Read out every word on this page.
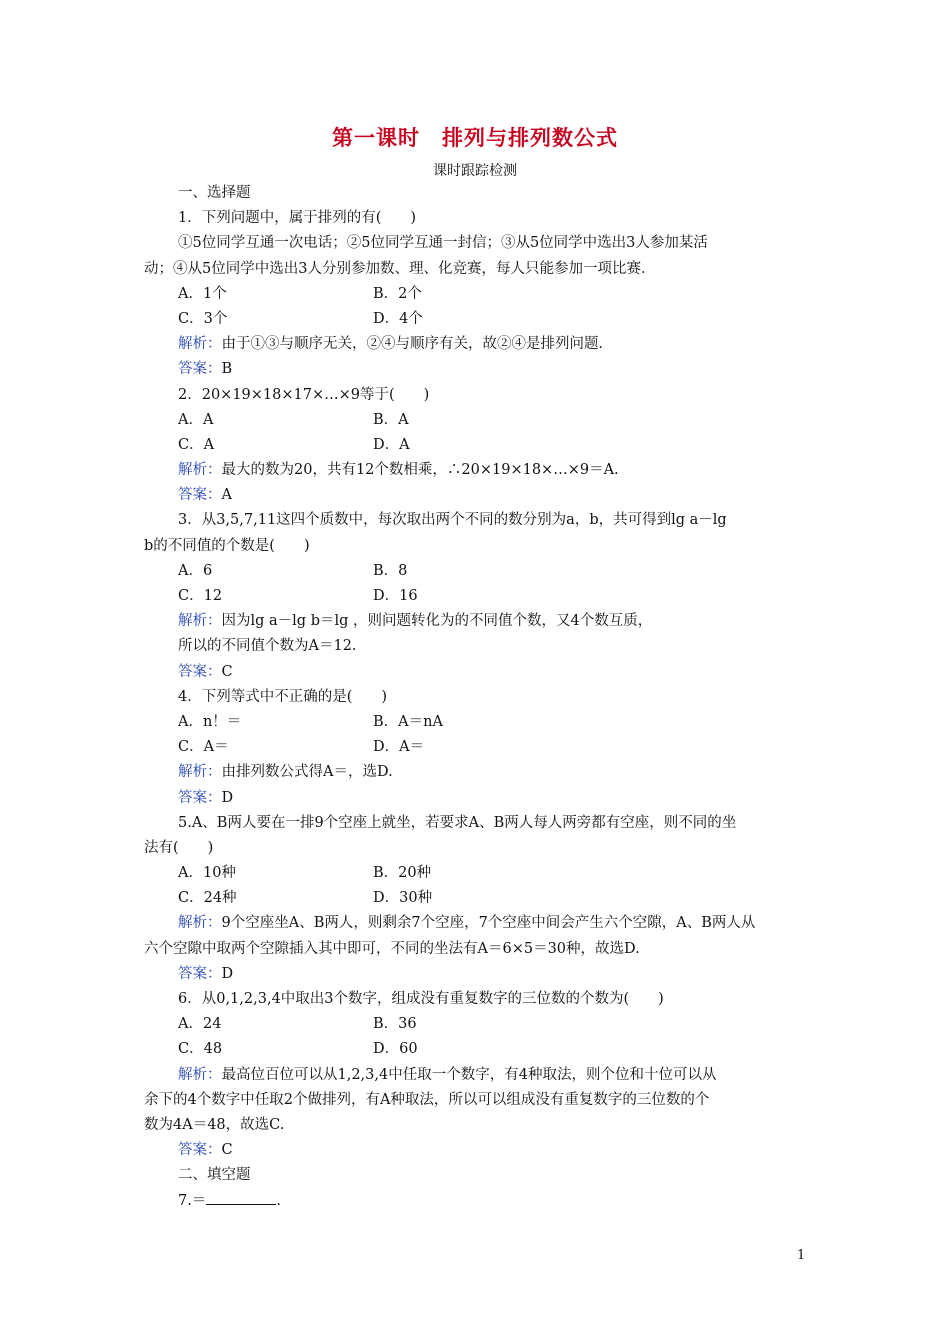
第一课时　排列与排列数公式
课时跟踪检测
一、选择题
1．下列问题中，属于排列的有(　　)
①5位同学互通一次电话；②5位同学互通一封信；③从5位同学中选出3人参加某活
动；④从5位同学中选出3人分别参加数、理、化竞赛，每人只能参加一项比赛．
A．1个	B．2个
C．3个	D．4个
解析：由于①③与顺序无关，②④与顺序有关，故②④是排列问题．
答案：B
2．20×19×18×17×…×9等于(　　)
A．A	B．A
C．A	D．A
解析：最大的数为20，共有12个数相乘，∴20×19×18×…×9＝A.
答案：A
3．从3,5,7,11这四个质数中，每次取出两个不同的数分别为a，b，共可得到lg a－lg
b的不同值的个数是(　　)
A．6	B．8
C．12	D．16
解析：因为lg a－lg b＝lg ，则问题转化为的不同值个数，又4个数互质，
所以的不同值个数为A＝12.
答案：C
4．下列等式中不正确的是(　　)
A．n！＝	B．A＝nA
C．A＝	D．A＝
解析：由排列数公式得A＝，选D.
答案：D
5.A、B两人要在一排9个空座上就坐，若要求A、B两人每人两旁都有空座，则不同的坐
法有(　　)
A．10种	B．20种
C．24种	D．30种
解析：9个空座坐A、B两人，则剩余7个空座，7个空座中间会产生六个空隙，A、B两人从
六个空隙中取两个空隙插入其中即可，不同的坐法有A＝6×5＝30种，故选D.
答案：D
6．从0,1,2,3,4中取出3个数字，组成没有重复数字的三位数的个数为(　　)
A．24	B．36
C．48	D．60
解析：最高位百位可以从1,2,3,4中任取一个数字，有4种取法，则个位和十位可以从
余下的4个数字中任取2个做排列，有A种取法，所以可以组成没有重复数字的三位数的个
数为4A＝48，故选C.
答案：C
二、填空题
7.＝	.
1
